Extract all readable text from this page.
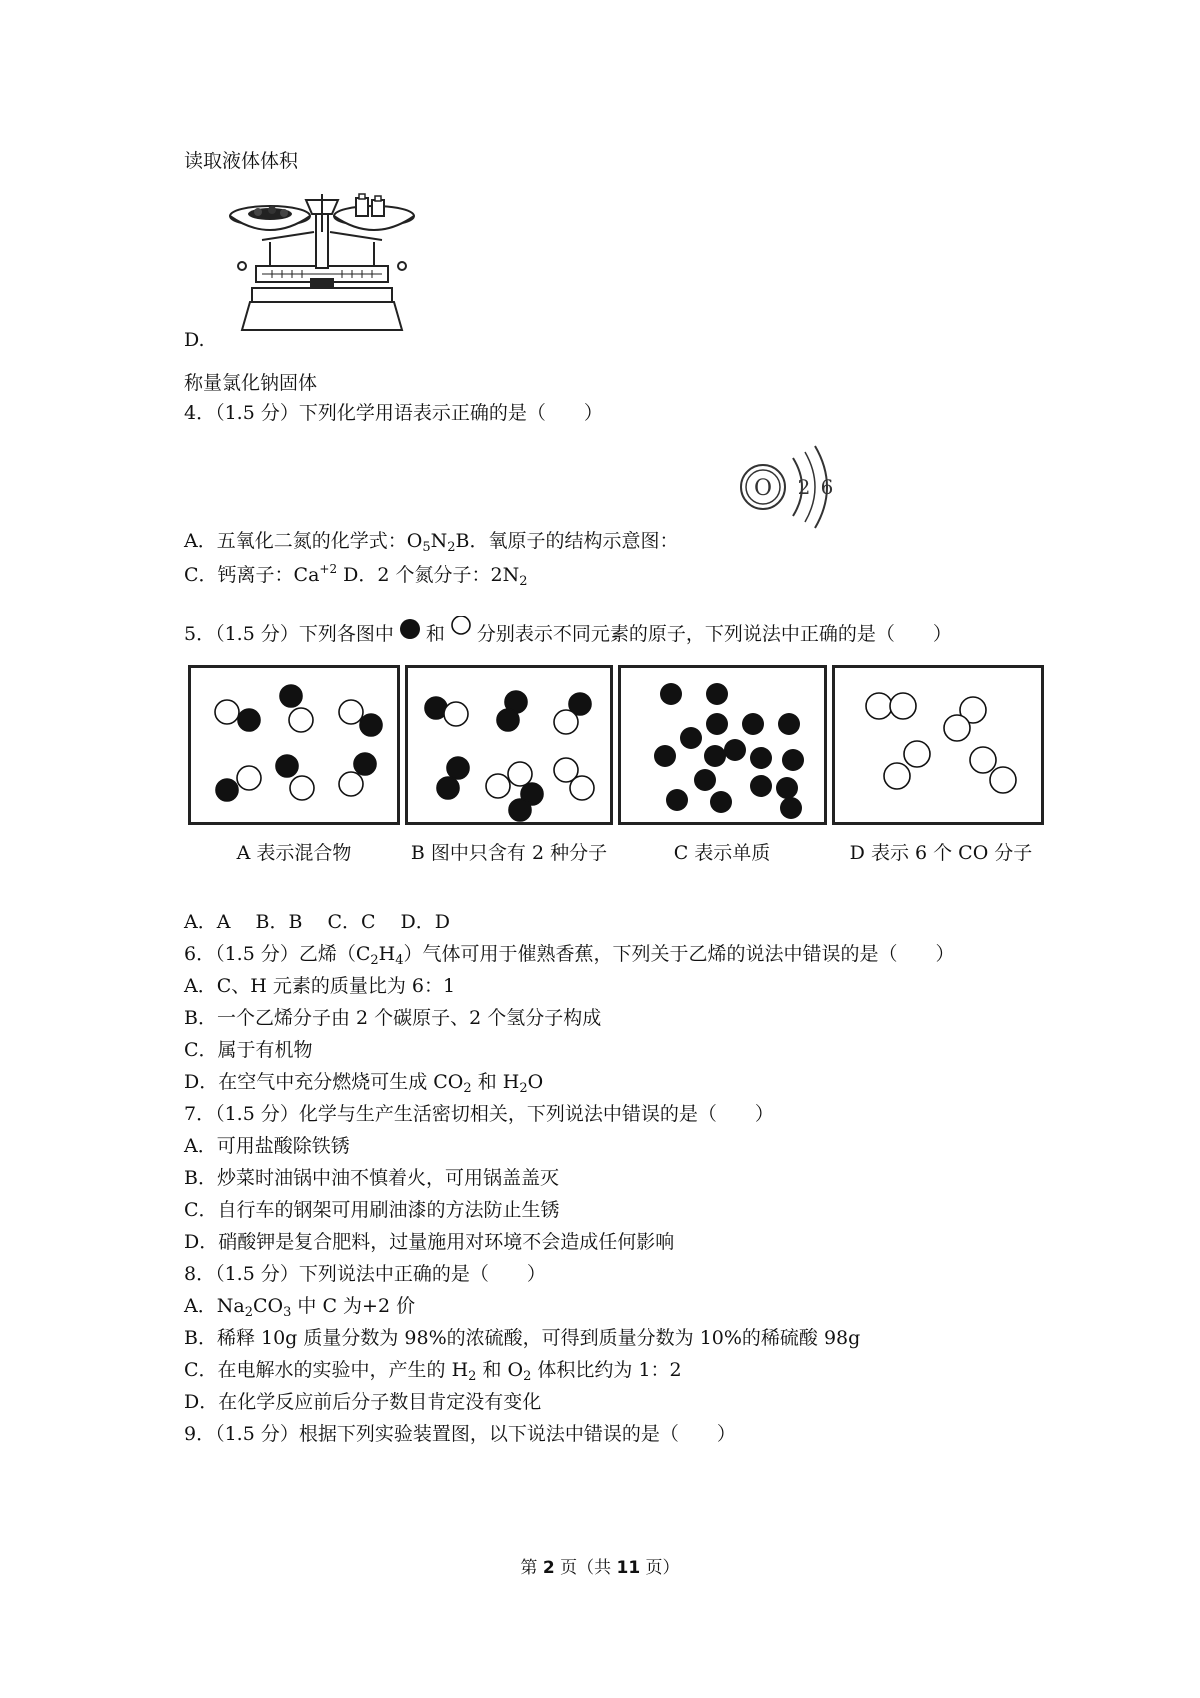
读取液体体积
D.
称量氯化钠固体
4．（1.5 分）下列化学用语表示正确的是（　　）
O 2 6
A．五氧化二氮的化学式：$O_5N_2B$．氧原子的结构示意图：
C．钙离子：$Ca^{+2}$ D．2 个氮分子：$2N_2$
5．（1.5 分）下列各图中 和 分别表示不同元素的原子，下列说法中正确的是（　　）
A 表示混合物	B 图中只含有 2 种分子	C 表示单质	D 表示 6 个 CO 分子
A．A　 B．B　 C．C　 D．D
6．（1.5 分）乙烯$(C_2H_4)$气体可用于催熟香蕉，下列关于乙烯的说法中错误的是（　　）
A．C、H 元素的质量比为 6：1
B．一个乙烯分子由 2 个碳原子、2 个氢分子构成
C．属于有机物
D．在空气中充分燃烧可生成 $CO_2$ 和 $H_2O$
7．（1.5 分）化学与生产生活密切相关，下列说法中错误的是（　　）
A．可用盐酸除铁锈
B．炒菜时油锅中油不慎着火，可用锅盖盖灭
C．自行车的钢架可用刷油漆的方法防止生锈
D．硝酸钾是复合肥料，过量施用对环境不会造成任何影响
8．（1.5 分）下列说法中正确的是（　　）
A．$Na_2CO_3$ 中 C 为+2 价
B．稀释 10g 质量分数为 98%的浓硫酸，可得到质量分数为 10%的稀硫酸 98g
C．在电解水的实验中，产生的 $H_2$ 和 $O_2$ 体积比约为 1：2
D．在化学反应前后分子数目肯定没有变化
9．（1.5 分）根据下列实验装置图，以下说法中错误的是（　　）
第 2 页（共 11 页）
